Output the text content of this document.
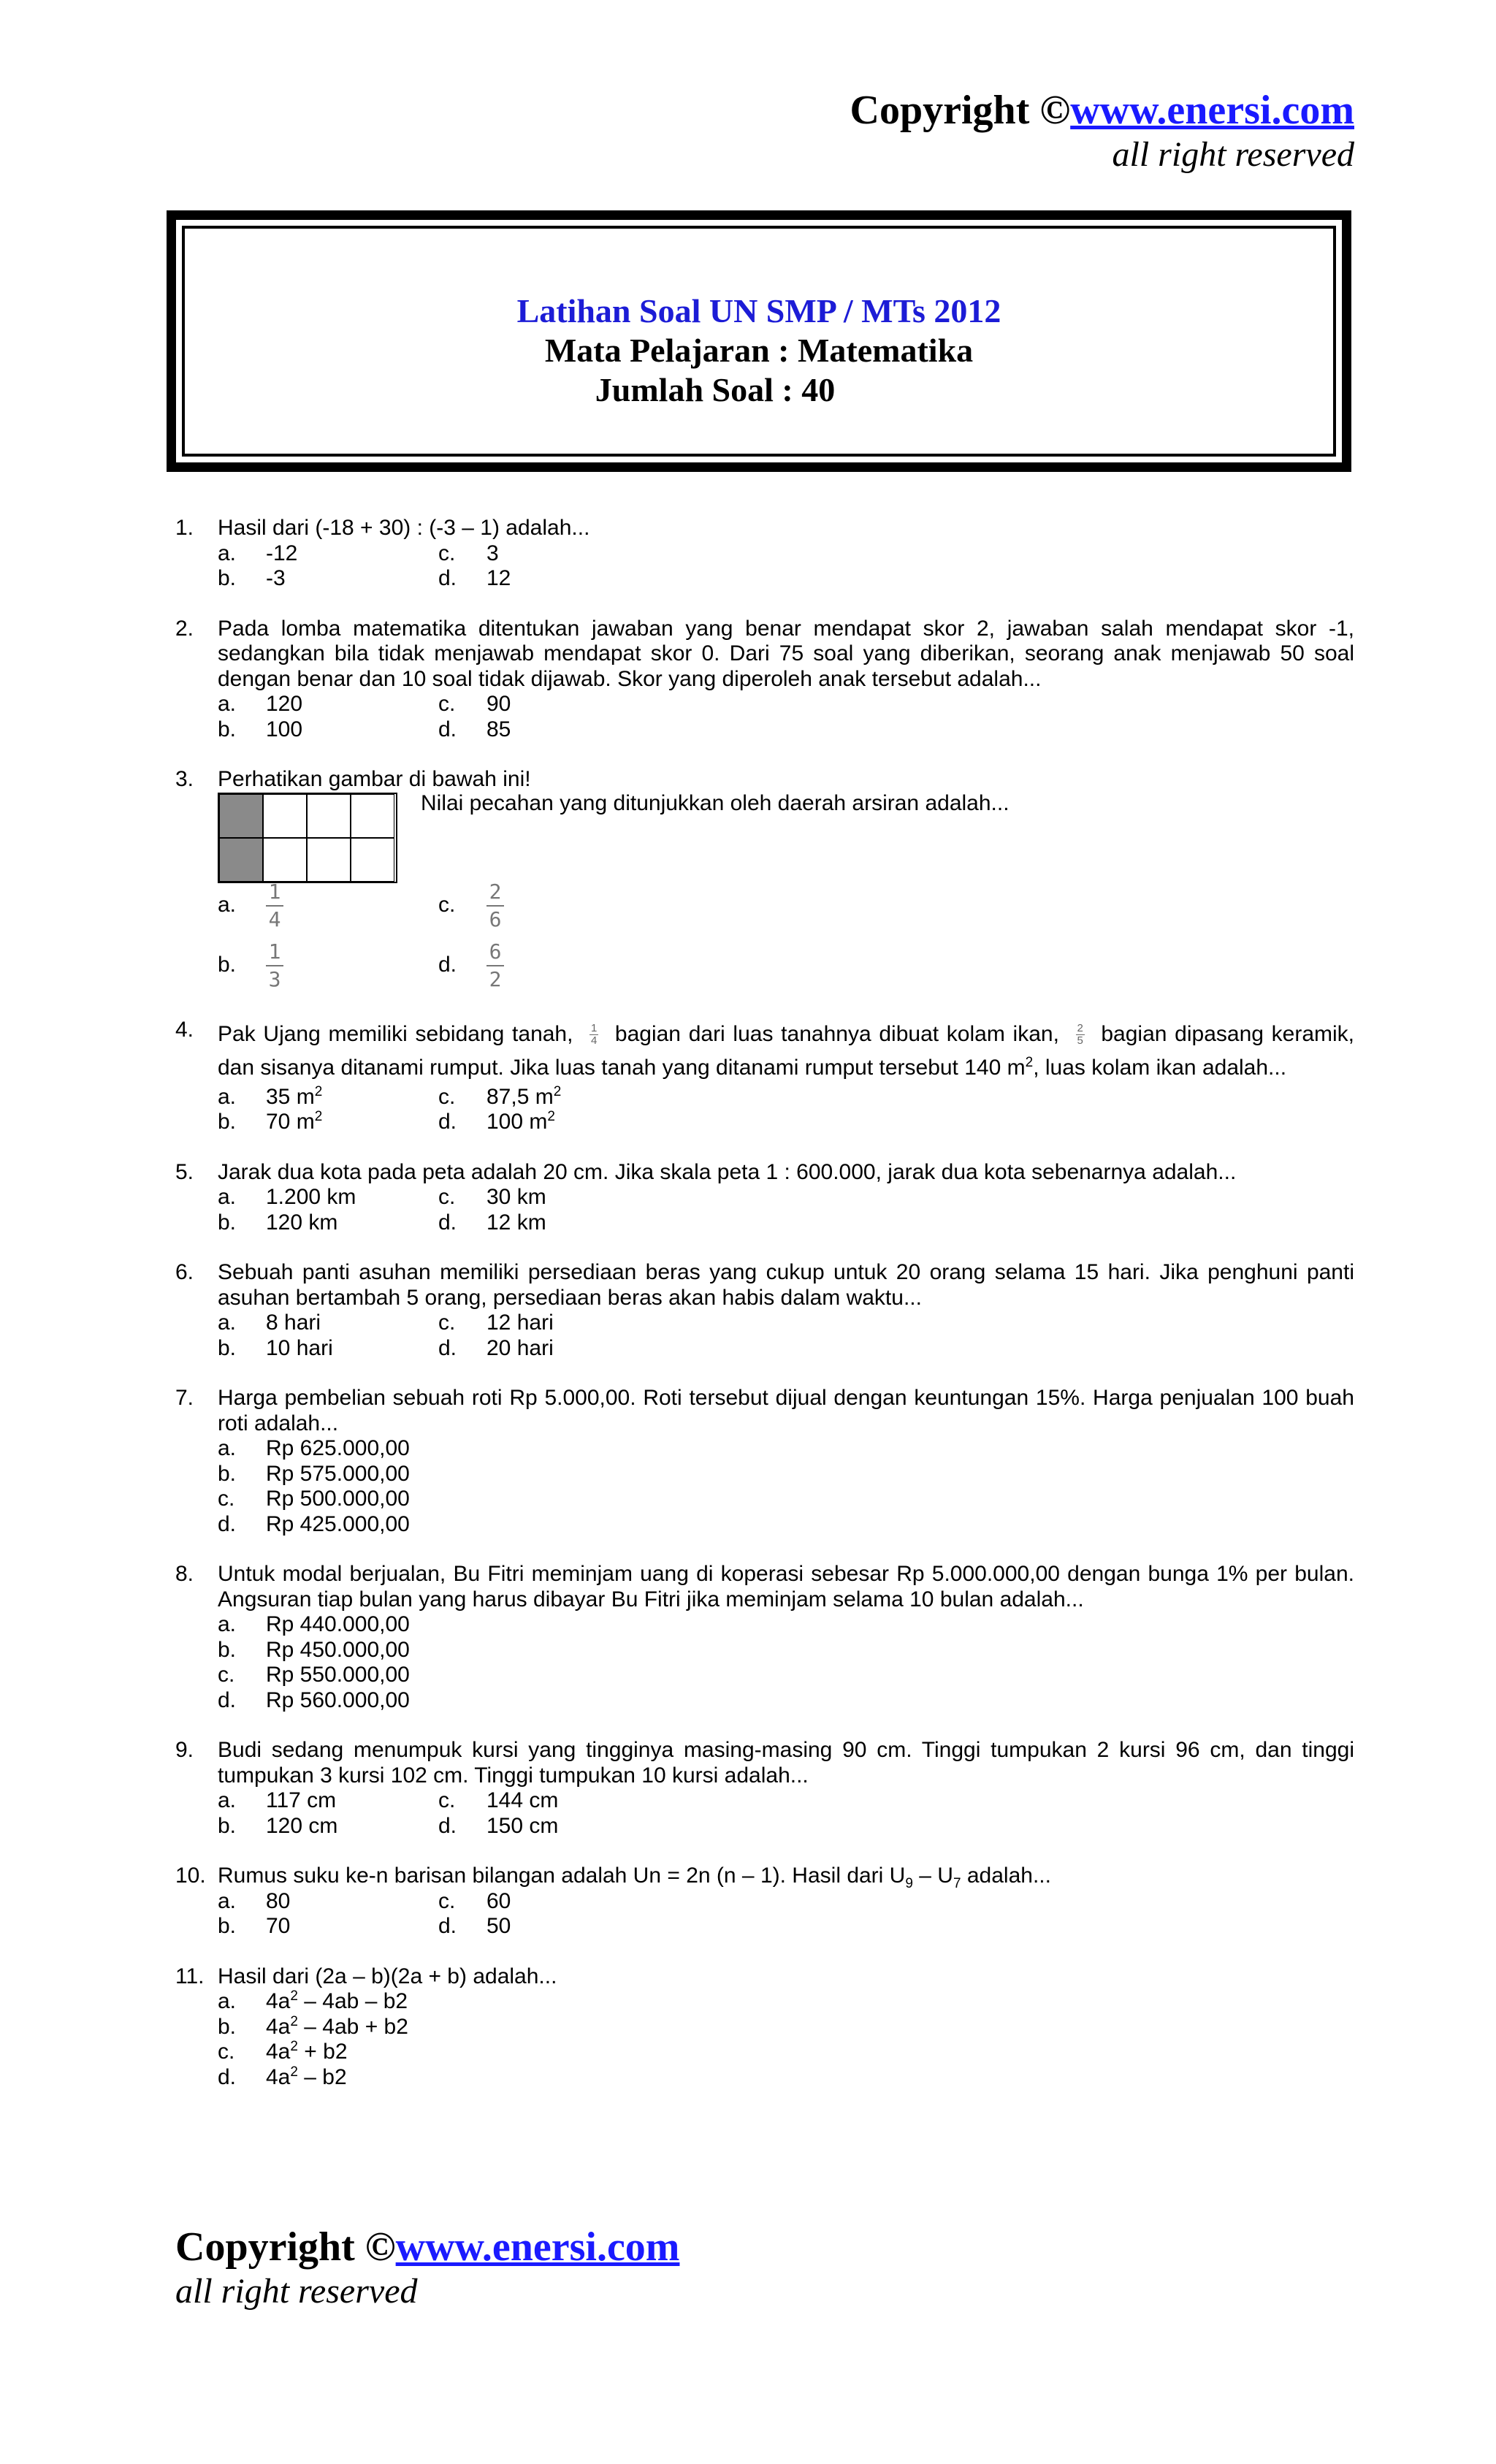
Copyright ©www.enersi.com
all right reserved
Latihan Soal UN SMP / MTs 2012
Mata Pelajaran : Matematika
Jumlah Soal : 40
1. Hasil dari (-18 + 30) : (-3 – 1) adalah...
a.	-12	c.	3
b.	-3	d.	12
2. Pada lomba matematika ditentukan jawaban yang benar mendapat skor 2, jawaban salah mendapat skor -1, sedangkan bila tidak menjawab mendapat skor 0. Dari 75 soal yang diberikan, seorang anak menjawab 50 soal dengan benar dan 10 soal tidak dijawab. Skor yang diperoleh anak tersebut adalah...
a.	120	c.	90
b.	100	d.	85
3. Perhatikan gambar di bawah ini!
Nilai pecahan yang ditunjukkan oleh daerah arsiran adalah...
a.	$\frac{1}{4}$	c.	$\frac{2}{6}$
b.	$\frac{1}{3}$	d.	$\frac{6}{2}$
4. Pak Ujang memiliki sebidang tanah, $\frac{1}{4}$ bagian dari luas tanahnya dibuat kolam ikan, $\frac{2}{5}$ bagian dipasang keramik, dan sisanya ditanami rumput. Jika luas tanah yang ditanami rumput tersebut 140 $m^2$, luas kolam ikan adalah...
a.	35 $m^2$	c.	87,5 $m^2$
b.	70 $m^2$	d.	100 $m^2$
5. Jarak dua kota pada peta adalah 20 cm. Jika skala peta 1 : 600.000, jarak dua kota sebenarnya adalah...
a.	1.200 km	c.	30 km
b.	120 km	d.	12 km
6. Sebuah panti asuhan memiliki persediaan beras yang cukup untuk 20 orang selama 15 hari. Jika penghuni panti asuhan bertambah 5 orang, persediaan beras akan habis dalam waktu...
a.	8 hari	c.	12 hari
b.	10 hari	d.	20 hari
7. Harga pembelian sebuah roti Rp 5.000,00. Roti tersebut dijual dengan keuntungan 15%. Harga penjualan 100 buah roti adalah...
a.	Rp 625.000,00
b.	Rp 575.000,00
c.	Rp 500.000,00
d.	Rp 425.000,00
8. Untuk modal berjualan, Bu Fitri meminjam uang di koperasi sebesar Rp 5.000.000,00 dengan bunga 1% per bulan. Angsuran tiap bulan yang harus dibayar Bu Fitri jika meminjam selama 10 bulan adalah...
a.	Rp 440.000,00
b.	Rp 450.000,00
c.	Rp 550.000,00
d.	Rp 560.000,00
9. Budi sedang menumpuk kursi yang tingginya masing-masing 90 cm. Tinggi tumpukan 2 kursi 96 cm, dan tinggi tumpukan 3 kursi 102 cm. Tinggi tumpukan 10 kursi adalah...
a.	117 cm	c.	144 cm
b.	120 cm	d.	150 cm
10. Rumus suku ke-n barisan bilangan adalah Un = 2n (n – 1). Hasil dari $U_9 - U_7$ adalah...
a.	80	c.	60
b.	70	d.	50
11. Hasil dari (2a – b)(2a + b) adalah...
a.	$4a^2 - 4ab - b2$
b.	$4a^2 - 4ab + b2$
c.	$4a^2 + b2$
d.	$4a^2 - b2$
Copyright ©www.enersi.com
all right reserved
